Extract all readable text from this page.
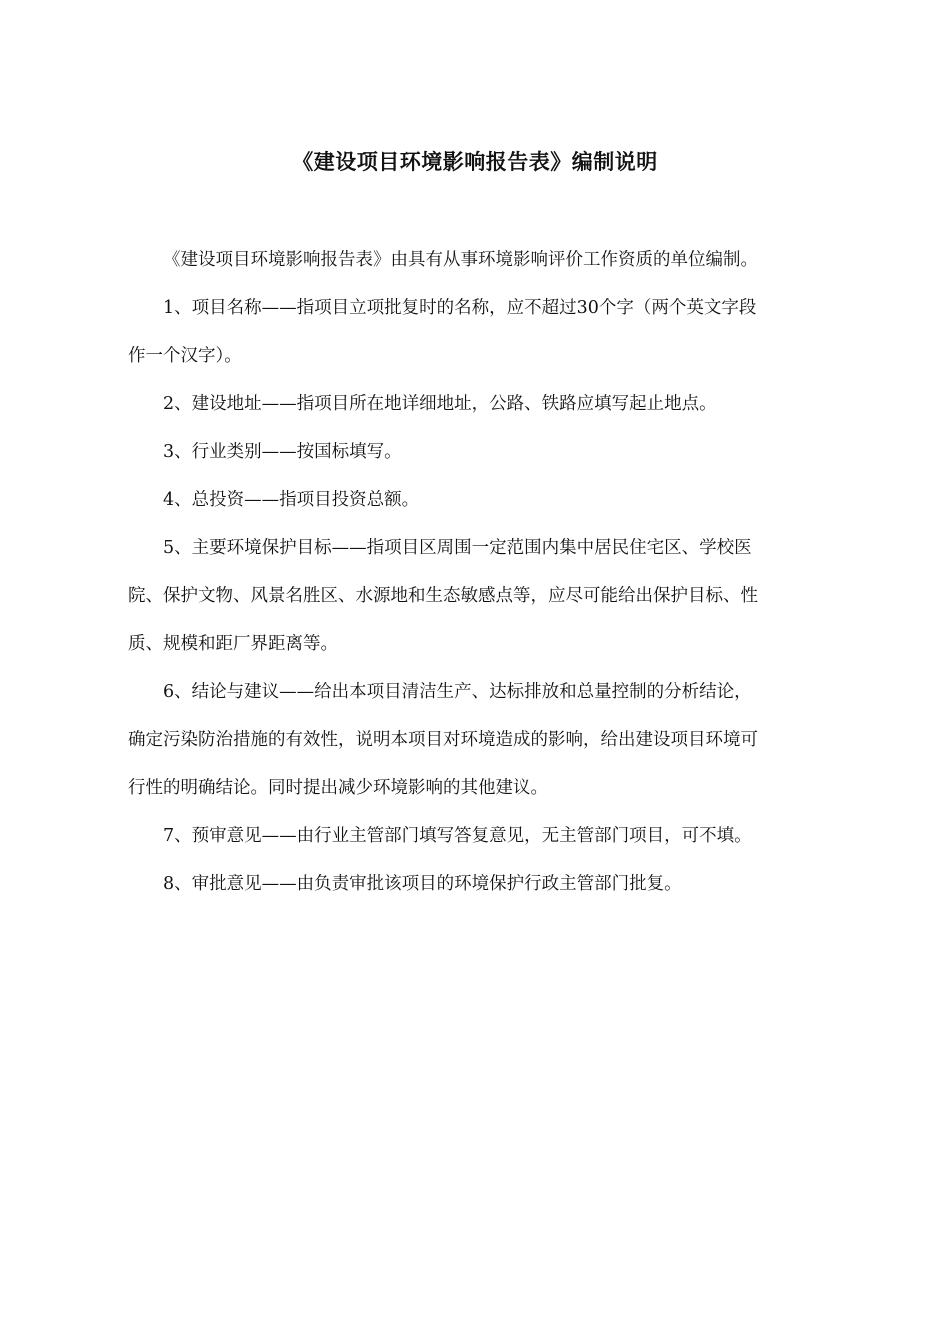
《建设项目环境影响报告表》编制说明

《建设项目环境影响报告表》由具有从事环境影响评价工作资质的单位编制。

1、项目名称——指项目立项批复时的名称，应不超过30个字（两个英文字段

作一个汉字）。

2、建设地址——指项目所在地详细地址，公路、铁路应填写起止地点。

3、行业类别——按国标填写。

4、总投资——指项目投资总额。

5、主要环境保护目标——指项目区周围一定范围内集中居民住宅区、学校医

院、保护文物、风景名胜区、水源地和生态敏感点等，应尽可能给出保护目标、性

质、规模和距厂界距离等。

6、结论与建议——给出本项目清洁生产、达标排放和总量控制的分析结论，

确定污染防治措施的有效性，说明本项目对环境造成的影响，给出建设项目环境可

行性的明确结论。同时提出减少环境影响的其他建议。

7、预审意见——由行业主管部门填写答复意见，无主管部门项目，可不填。

8、审批意见——由负责审批该项目的环境保护行政主管部门批复。
